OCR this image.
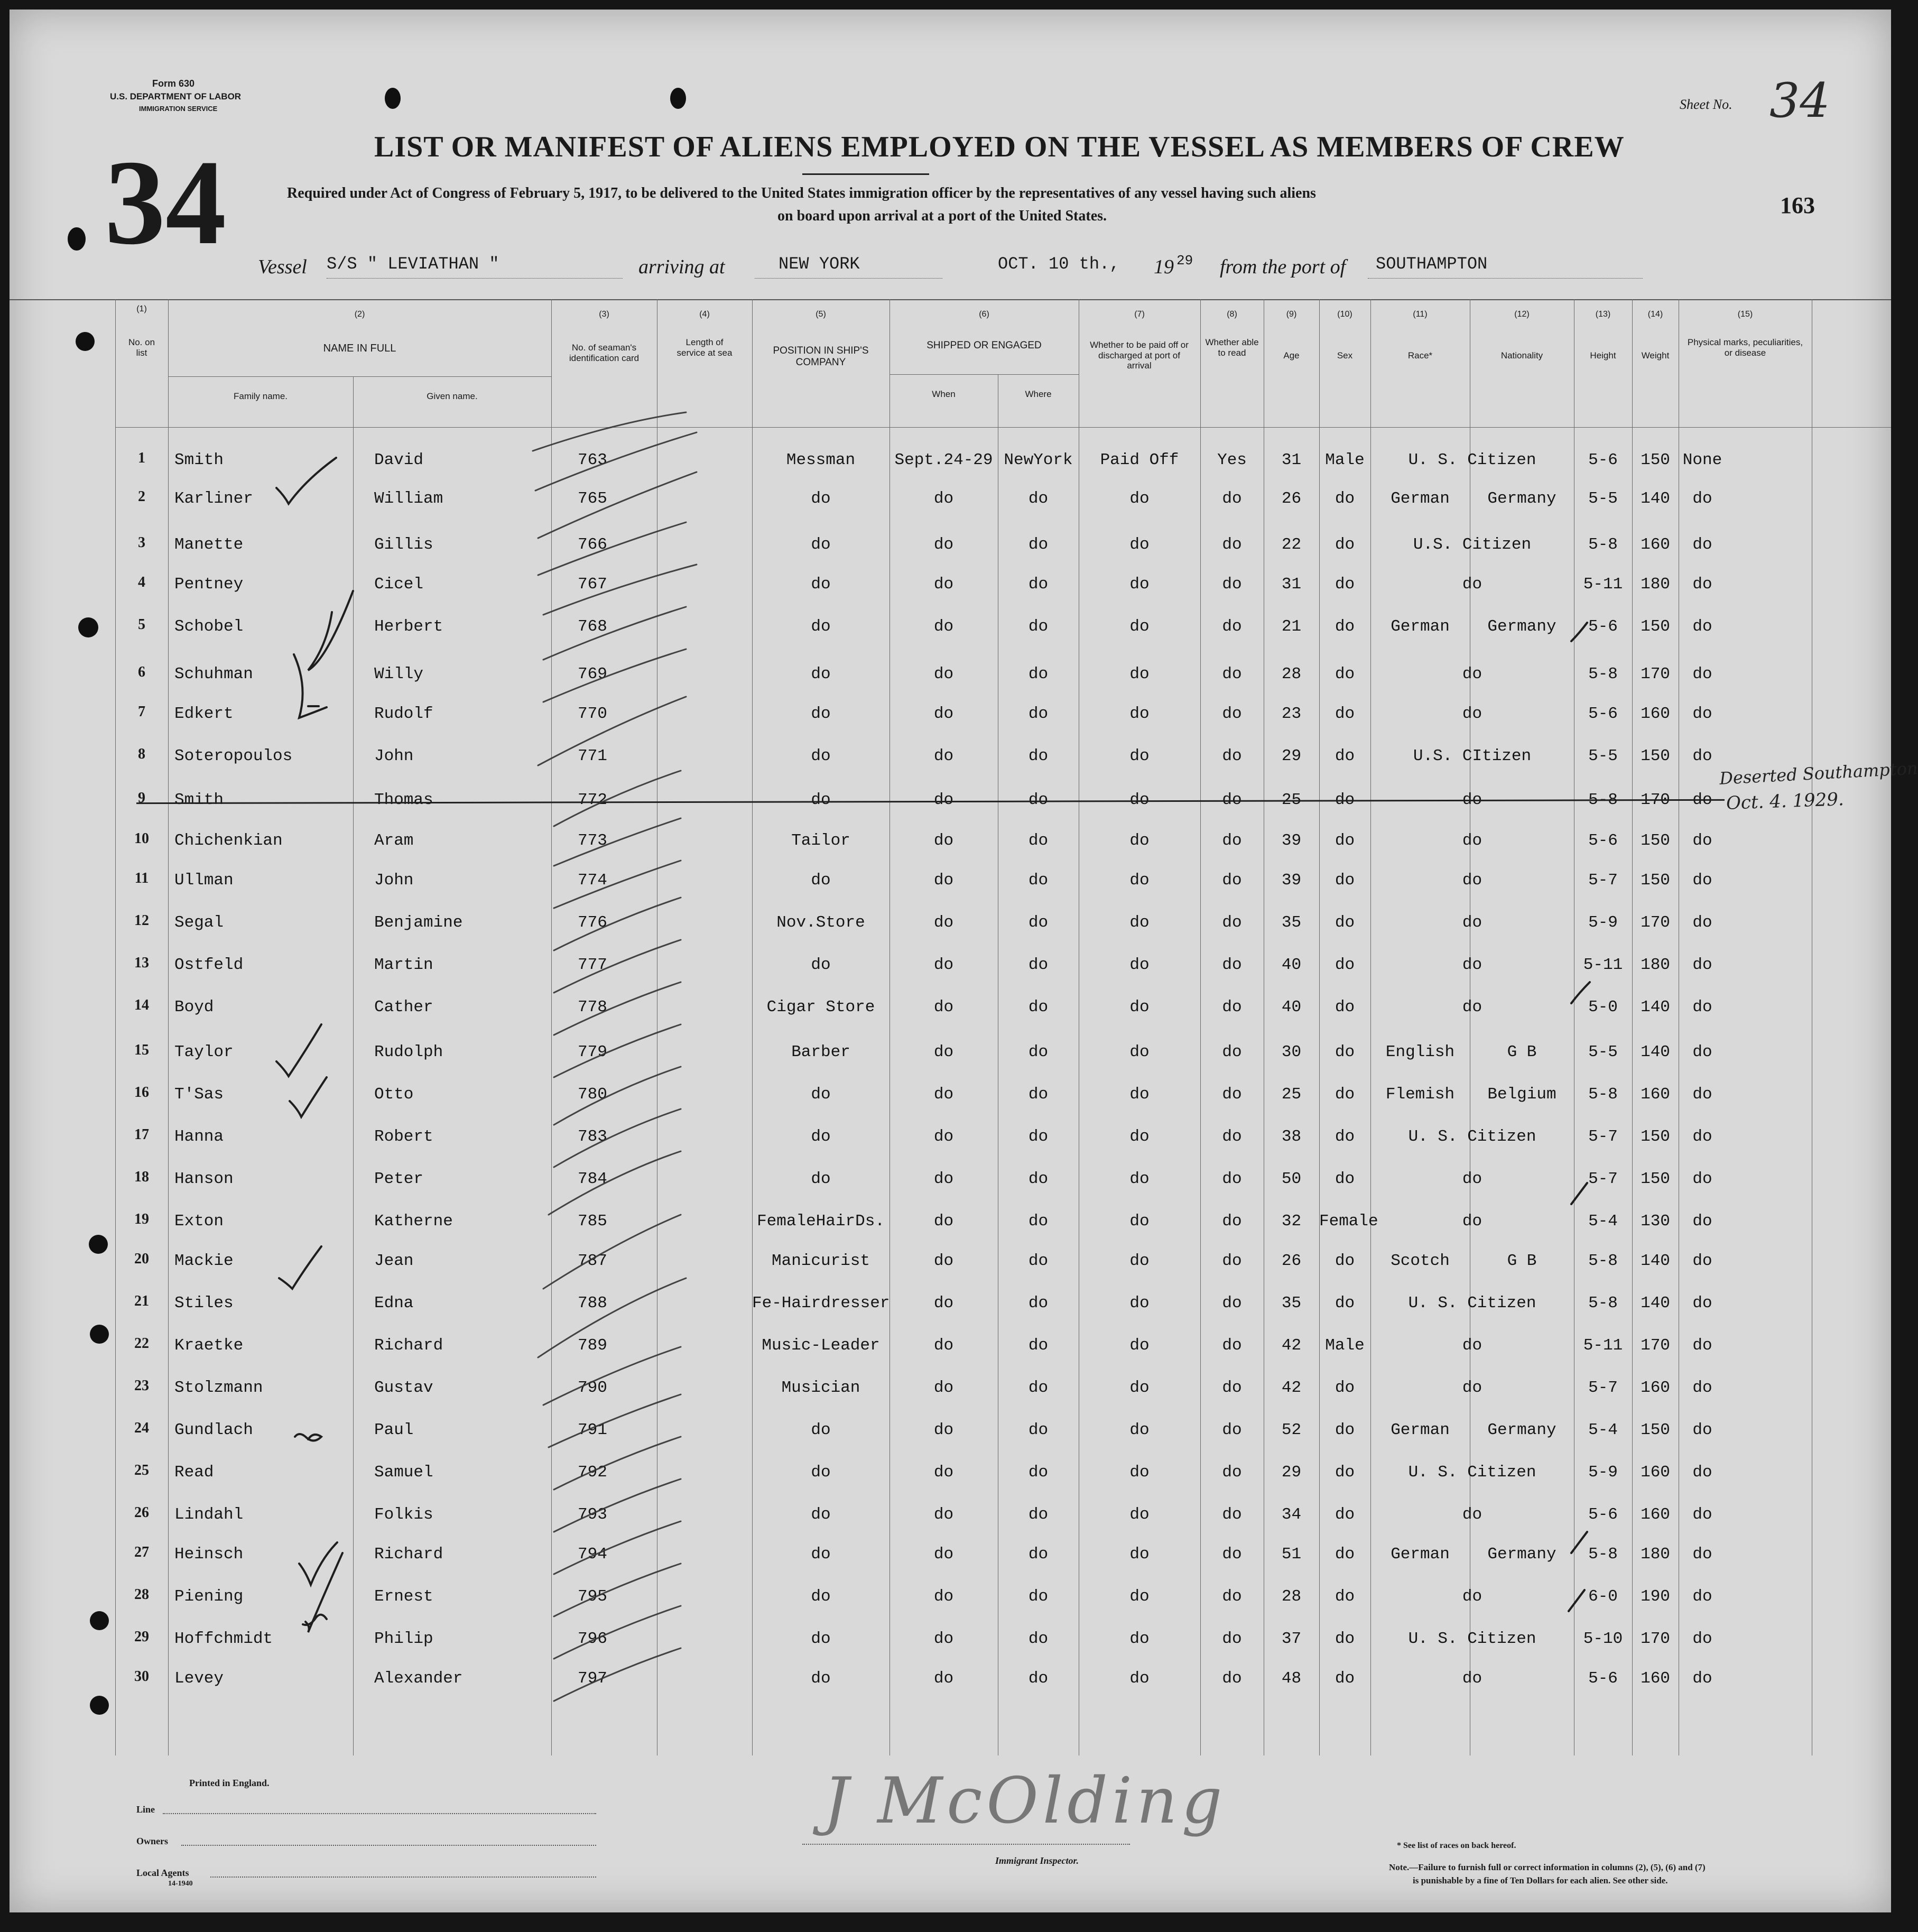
Form 630
U.S. DEPARTMENT OF LABOR
IMMIGRATION SERVICE
34
Sheet No. 34
163
LIST OR MANIFEST OF ALIENS EMPLOYED ON THE VESSEL AS MEMBERS OF CREW
Required under Act of Congress of February 5, 1917, to be delivered to the United States immigration officer by the representatives of any vessel having such aliens
on board upon arrival at a port of the United States.
Vessel S/S " LEVIATHAN "	arriving at	NEW YORK	OCT. 10 th., 19 29 from the port of SOUTHAMPTON
(1)
No. on list
(2)
NAME IN FULL
Family name.	Given name.
(3)
No. of seaman's identification card
(4)
Length of service at sea
(5)
POSITION IN SHIP'S COMPANY
(6)
SHIPPED OR ENGAGED
When	Where
(7)
Whether to be paid off or discharged at port of arrival
(8)
Whether able to read
(9)
Age
(10)
Sex
(11)
Race*
(12)
Nationality
(13)
Height
(14)
Weight
(15)
Physical marks, peculiarities, or disease
1	Smith	David	763	Messman	Sept.24-29 NewYork	Paid Off	Yes	31	Male	U. S. Citizen	5-6	150 None
2	Karliner	William	765	do	do	do	do	do	26	do	German	Germany	5-5	140	do
3	Manette	Gillis	766	do	do	do	do	do	22	do	U.S. Citizen	5-8	160	do
4	Pentney	Cicel	767	do	do	do	do	do	31	do	do	5-11	180	do
5	Schobel	Herbert	768	do	do	do	do	do	21	do	German	Germany	5-6	150	do
6	Schuhman	Willy	769	do	do	do	do	do	28	do	do	5-8	170	do
7	Edkert	Rudolf	770	do	do	do	do	do	23	do	do	5-6	160	do
8	Soteropoulos	John	771	do	do	do	do	do	29	do	U.S. CItizen	5-5	150	do
9	Smith	Thomas	772	do	do	do	do	do	25	do	do	5-8	170	do
10	Chichenkian	Aram	773	Tailor	do	do	do	do	39	do	do	5-6	150	do
11	Ullman	John	774	do	do	do	do	do	39	do	do	5-7	150	do
12	Segal	Benjamine	776	Nov.Store	do	do	do	do	35	do	do	5-9	170	do
13	Ostfeld	Martin	777	do	do	do	do	do	40	do	do	5-11	180	do
14	Boyd	Cather	778	Cigar Store	do	do	do	do	40	do	do	5-0	140	do
15	Taylor	Rudolph	779	Barber	do	do	do	do	30	do	English	G B	5-5	140	do
16	T'Sas	Otto	780	do	do	do	do	do	25	do	Flemish	Belgium	5-8	160	do
17	Hanna	Robert	783	do	do	do	do	do	38	do	U. S. Citizen	5-7	150	do
18	Hanson	Peter	784	do	do	do	do	do	50	do	do	5-7	150	do
19	Exton	Katherne	785	FemaleHairDs.	do	do	do	do	32	Female	do	5-4	130	do
20	Mackie	Jean	787	Manicurist	do	do	do	do	26	do	Scotch	G B	5-8	140	do
21	Stiles	Edna	788	Fe-Hairdresser	do	do	do	do	35	do	U. S. Citizen	5-8	140	do
22	Kraetke	Richard	789	Music-Leader	do	do	do	do	42	Male	do	5-11	170	do
23	Stolzmann	Gustav	790	Musician	do	do	do	do	42	do	do	5-7	160	do
24	Gundlach	Paul	791	do	do	do	do	do	52	do	German	Germany	5-4	150	do
25	Read	Samuel	792	do	do	do	do	do	29	do	U. S. Citizen	5-9	160	do
26	Lindahl	Folkis	793	do	do	do	do	do	34	do	do	5-6	160	do
27	Heinsch	Richard	794	do	do	do	do	do	51	do	German	Germany	5-8	180	do
28	Piening	Ernest	795	do	do	do	do	do	28	do	do	6-0	190	do
29	Hoffchmidt	Philip	796	do	do	do	do	do	37	do	U. S. Citizen	5-10	170	do
30	Levey	Alexander	797	do	do	do	do	do	48	do	do	5-6	160	do
Deserted Southampton
Oct. 4. 1929.
Printed in England.
Line
Owners
Local Agents
14-1940
J McOlding
Immigrant Inspector.
* See list of races on back hereof.
Note.—Failure to furnish full or correct information in columns (2), (5), (6) and (7)
is punishable by a fine of Ten Dollars for each alien. See other side.
